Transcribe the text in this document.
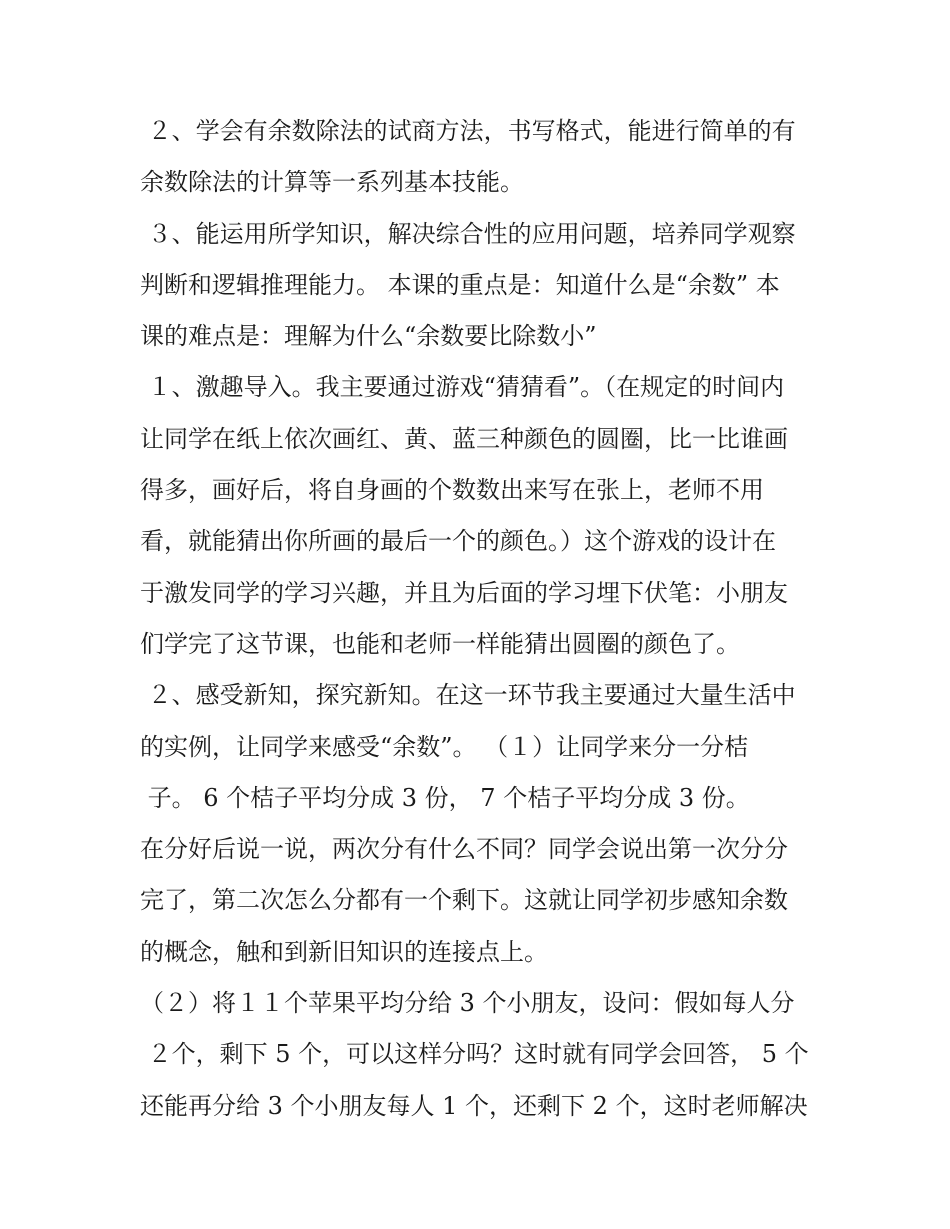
２、学会有余数除法的试商方法，书写格式，能进行简单的有
余数除法的计算等一系列基本技能。
３、能运用所学知识，解决综合性的应用问题，培养同学观察
判断和逻辑推理能力。 本课的重点是：知道什么是“余数” 本
课的难点是：理解为什么“余数要比除数小”
１、激趣导入。我主要通过游戏“猜猜看”。（在规定的时间内
让同学在纸上依次画红、黄、蓝三种颜色的圆圈，比一比谁画
得多，画好后，将自身画的个数数出来写在张上，老师不用
看，就能猜出你所画的最后一个的颜色。）这个游戏的设计在
于激发同学的学习兴趣，并且为后面的学习埋下伏笔：小朋友
们学完了这节课，也能和老师一样能猜出圆圈的颜色了。
２、感受新知，探究新知。在这一环节我主要通过大量生活中
的实例，让同学来感受“余数”。 （１）让同学来分一分桔
子。 6 个桔子平均分成 3 份， 7 个桔子平均分成 3 份。
在分好后说一说，两次分有什么不同？同学会说出第一次分分
完了，第二次怎么分都有一个剩下。这就让同学初步感知余数
的概念，触和到新旧知识的连接点上。
（２）将１１个苹果平均分给 3 个小朋友，设问：假如每人分
２个，剩下 5 个，可以这样分吗？这时就有同学会回答， 5 个
还能再分给 3 个小朋友每人 1 个，还剩下 2 个，这时老师解决
